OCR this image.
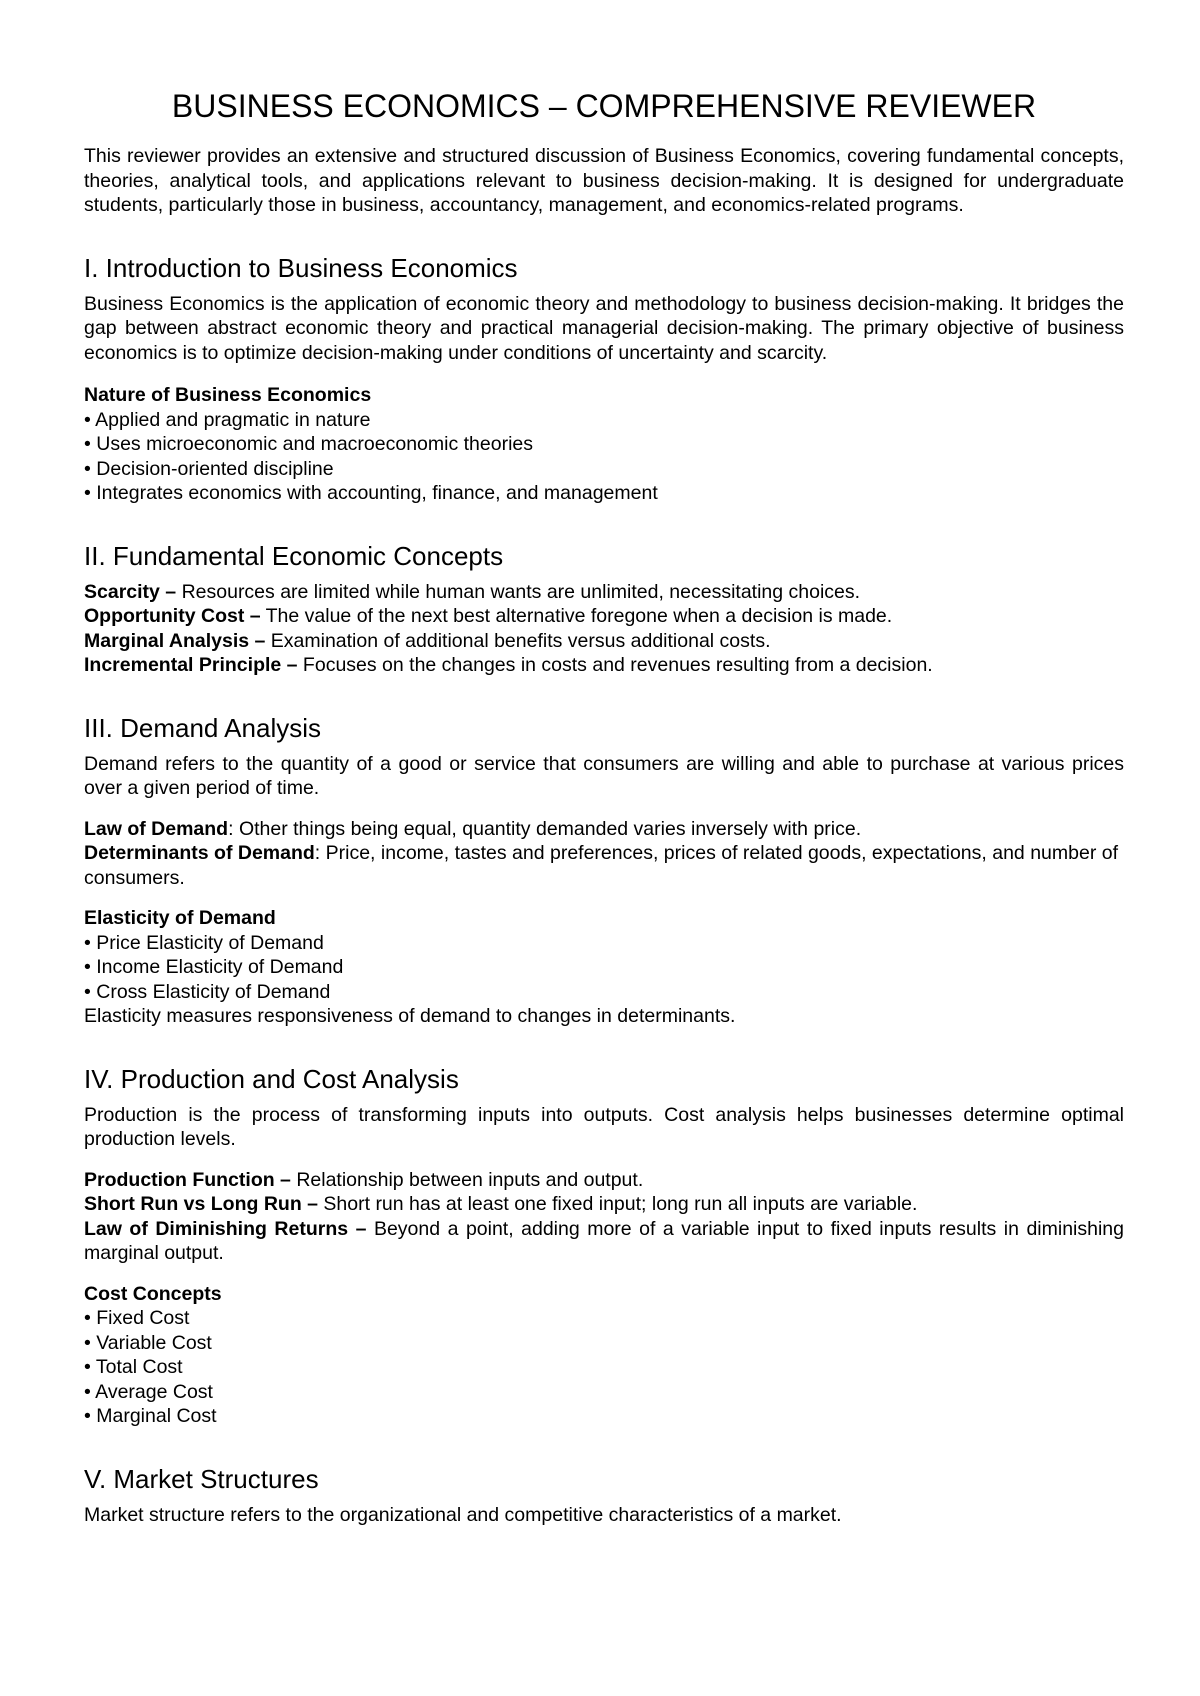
BUSINESS ECONOMICS – COMPREHENSIVE REVIEWER

This reviewer provides an extensive and structured discussion of Business Economics, covering fundamental concepts, theories, analytical tools, and applications relevant to business decision-making. It is designed for undergraduate students, particularly those in business, accountancy, management, and economics-related programs.

I. Introduction to Business Economics

Business Economics is the application of economic theory and methodology to business decision-making. It bridges the gap between abstract economic theory and practical managerial decision-making. The primary objective of business economics is to optimize decision-making under conditions of uncertainty and scarcity.

Nature of Business Economics

• Applied and pragmatic in nature
• Uses microeconomic and macroeconomic theories
• Decision-oriented discipline
• Integrates economics with accounting, finance, and management
II. Fundamental Economic Concepts

Scarcity – Resources are limited while human wants are unlimited, necessitating choices.

Opportunity Cost – The value of the next best alternative foregone when a decision is made.

Marginal Analysis – Examination of additional benefits versus additional costs.

Incremental Principle – Focuses on the changes in costs and revenues resulting from a decision.

III. Demand Analysis

Demand refers to the quantity of a good or service that consumers are willing and able to purchase at various prices over a given period of time.

Law of Demand: Other things being equal, quantity demanded varies inversely with price.

Determinants of Demand: Price, income, tastes and preferences, prices of related goods, expectations, and number of consumers.

Elasticity of Demand

• Price Elasticity of Demand
• Income Elasticity of Demand
• Cross Elasticity of Demand

Elasticity measures responsiveness of demand to changes in determinants.

IV. Production and Cost Analysis

Production is the process of transforming inputs into outputs. Cost analysis helps businesses determine optimal production levels.

Production Function – Relationship between inputs and output.

Short Run vs Long Run – Short run has at least one fixed input; long run all inputs are variable.

Law of Diminishing Returns – Beyond a point, adding more of a variable input to fixed inputs results in diminishing marginal output.

Cost Concepts

• Fixed Cost
• Variable Cost
• Total Cost
• Average Cost
• Marginal Cost
V. Market Structures

Market structure refers to the organizational and competitive characteristics of a market.
